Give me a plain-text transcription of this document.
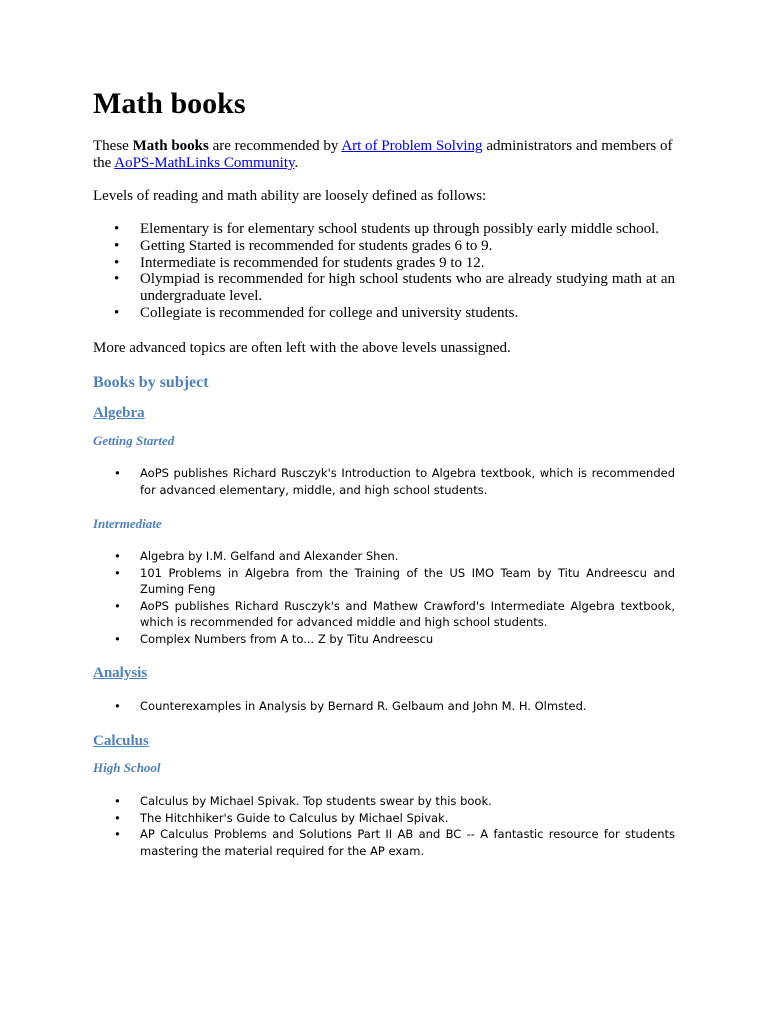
Math books

These Math books are recommended by Art of Problem Solving administrators and members of the AoPS-MathLinks Community.

Levels of reading and math ability are loosely defined as follows:

• Elementary is for elementary school students up through possibly early middle school.
• Getting Started is recommended for students grades 6 to 9.
• Intermediate is recommended for students grades 9 to 12.
• Olympiad is recommended for high school students who are already studying math at an undergraduate level.
• Collegiate is recommended for college and university students.

More advanced topics are often left with the above levels unassigned.

Books by subject
Algebra
Getting Started
• AoPS publishes Richard Rusczyk's Introduction to Algebra textbook, which is recommended for advanced elementary, middle, and high school students.
Intermediate
• Algebra by I.M. Gelfand and Alexander Shen.
• 101 Problems in Algebra from the Training of the US IMO Team by Titu Andreescu and Zuming Feng
• AoPS publishes Richard Rusczyk's and Mathew Crawford's Intermediate Algebra textbook, which is recommended for advanced middle and high school students.
• Complex Numbers from A to... Z by Titu Andreescu
Analysis
• Counterexamples in Analysis by Bernard R. Gelbaum and John M. H. Olmsted.
Calculus
High School
• Calculus by Michael Spivak. Top students swear by this book.
• The Hitchhiker's Guide to Calculus by Michael Spivak.
• AP Calculus Problems and Solutions Part II AB and BC -- A fantastic resource for students mastering the material required for the AP exam.
